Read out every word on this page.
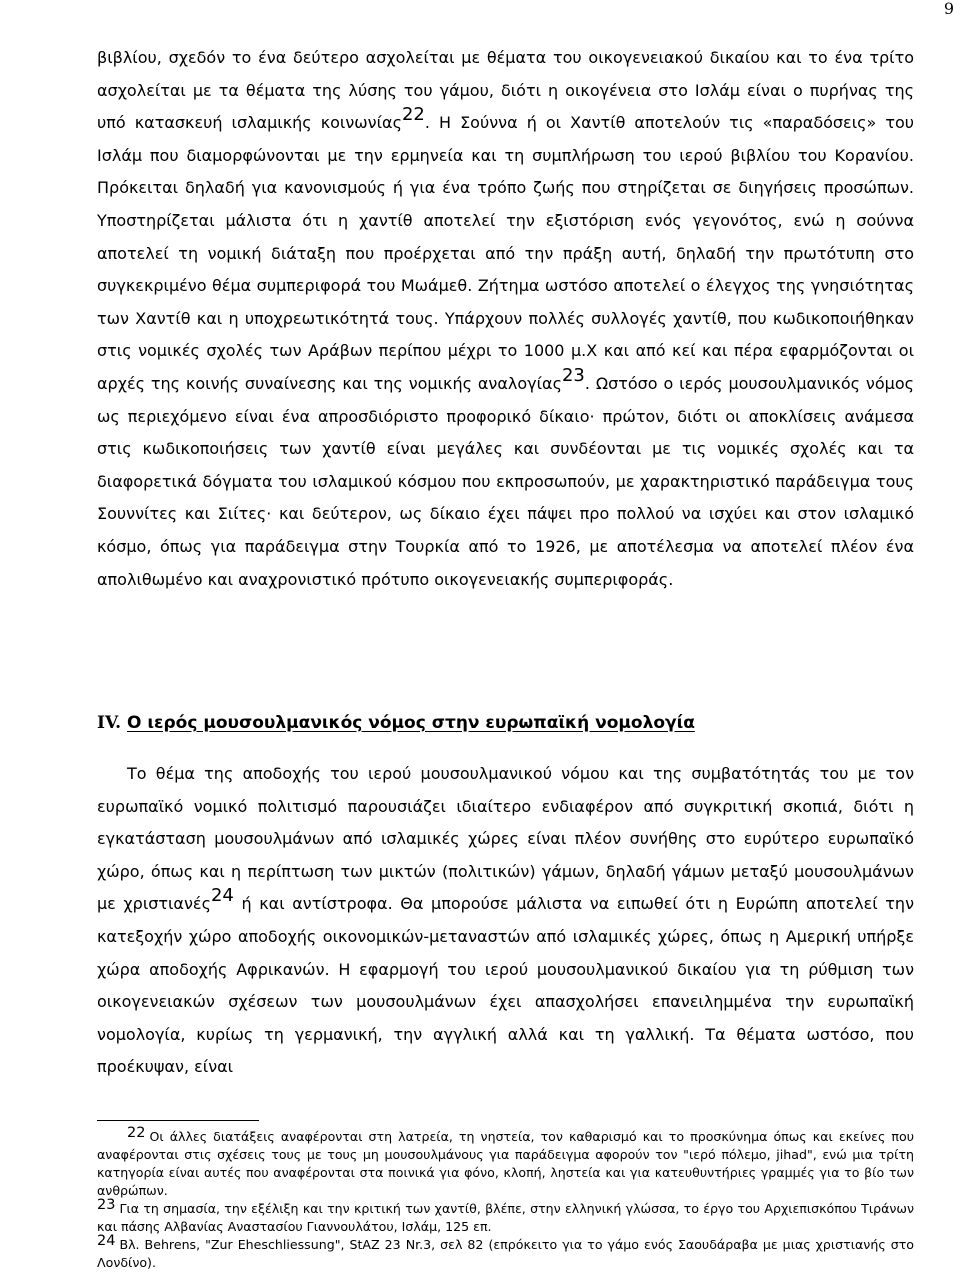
9

βιβλίου, σχεδόν το ένα δεύτερο ασχολείται με θέματα του οικογενειακού δικαίου και το ένα τρίτο ασχολείται με τα θέματα της λύσης του γάμου, διότι η οικογένεια στο Ισλάμ είναι ο πυρήνας της υπό κατασκευή ισλαμικής κοινωνίας$^{22}$. Η Σούννα ή οι Χαντίθ αποτελούν τις «παραδόσεις» του Ισλάμ που διαμορφώνονται με την ερμηνεία και τη συμπλήρωση του ιερού βιβλίου του Κορανίου. Πρόκειται δηλαδή για κανονισμούς ή για ένα τρόπο ζωής που στηρίζεται σε διηγήσεις προσώπων. Υποστηρίζεται μάλιστα ότι η χαντίθ αποτελεί την εξιστόριση ενός γεγονότος, ενώ η σούννα αποτελεί τη νομική διάταξη που προέρχεται από την πράξη αυτή, δηλαδή την πρωτότυπη στο συγκεκριμένο θέμα συμπεριφορά του Μωάμεθ. Ζήτημα ωστόσο αποτελεί ο έλεγχος της γνησιότητας των Χαντίθ και η υποχρεωτικότητά τους. Υπάρχουν πολλές συλλογές χαντίθ, που κωδικοποιήθηκαν στις νομικές σχολές των Αράβων περίπου μέχρι το 1000 μ.Χ και από κεί και πέρα εφαρμόζονται οι αρχές της κοινής συναίνεσης και της νομικής αναλογίας$^{23}$. Ωστόσο ο ιερός μουσουλμανικός νόμος ως περιεχόμενο είναι ένα απροσδιόριστο προφορικό δίκαιο· πρώτον, διότι οι αποκλίσεις ανάμεσα στις κωδικοποιήσεις των χαντίθ είναι μεγάλες και συνδέονται με τις νομικές σχολές και τα διαφορετικά δόγματα του ισλαμικού κόσμου που εκπροσωπούν, με χαρακτηριστικό παράδειγμα τους Σουννίτες και Σιίτες· και δεύτερον, ως δίκαιο έχει πάψει προ πολλού να ισχύει και στον ισλαμικό κόσμο, όπως για παράδειγμα στην Τουρκία από το 1926, με αποτέλεσμα να αποτελεί πλέον ένα απολιθωμένο και αναχρονιστικό πρότυπο οικογενειακής συμπεριφοράς.

IV. Ο ιερός μουσουλμανικός νόμος στην ευρωπαϊκή νομολογία

Το θέμα της αποδοχής του ιερού μουσουλμανικού νόμου και της συμβατότητάς του με τον ευρωπαϊκό νομικό πολιτισμό παρουσιάζει ιδιαίτερο ενδιαφέρον από συγκριτική σκοπιά, διότι η εγκατάσταση μουσουλμάνων από ισλαμικές χώρες είναι πλέον συνήθης στο ευρύτερο ευρωπαϊκό χώρο, όπως και η περίπτωση των μικτών (πολιτικών) γάμων, δηλαδή γάμων μεταξύ μουσουλμάνων με χριστιανές$^{24}$ ή και αντίστροφα. Θα μπορούσε μάλιστα να ειπωθεί ότι η Ευρώπη αποτελεί την κατεξοχήν χώρο αποδοχής οικονομικών-μεταναστών από ισλαμικές χώρες, όπως η Αμερική υπήρξε χώρα αποδοχής Αφρικανών. Η εφαρμογή του ιερού μουσουλμανικού δικαίου για τη ρύθμιση των οικογενειακών σχέσεων των μουσουλμάνων έχει απασχολήσει επανειλημμένα την ευρωπαϊκή νομολογία, κυρίως τη γερμανική, την αγγλική αλλά και τη γαλλική. Τα θέματα ωστόσο, που προέκυψαν, είναι

22 Οι άλλες διατάξεις αναφέρονται στη λατρεία, τη νηστεία, τον καθαρισμό και το προσκύνημα όπως και εκείνες που αναφέρονται στις σχέσεις τους με τους μη μουσουλμάνους για παράδειγμα αφορούν τον "ιερό πόλεμο, jihad", ενώ μια τρίτη κατηγορία είναι αυτές που αναφέρονται στα ποινικά για φόνο, κλοπή, ληστεία και για κατευθυντήριες γραμμές για το βίο των ανθρώπων.

23 Για τη σημασία, την εξέλιξη και την κριτική των χαντίθ, βλέπε, στην ελληνική γλώσσα, το έργο του Αρχιεπισκόπου Τιράνων και πάσης Αλβανίας Αναστασίου Γιαννουλάτου, Ισλάμ, 125 επ.

24 Βλ. Behrens, "Zur Eheschliessung", StAZ 23 Nr.3, σελ 82 (επρόκειτο για το γάμο ενός Σαουδάραβα με μιας χριστιανής στο Λονδίνο).
